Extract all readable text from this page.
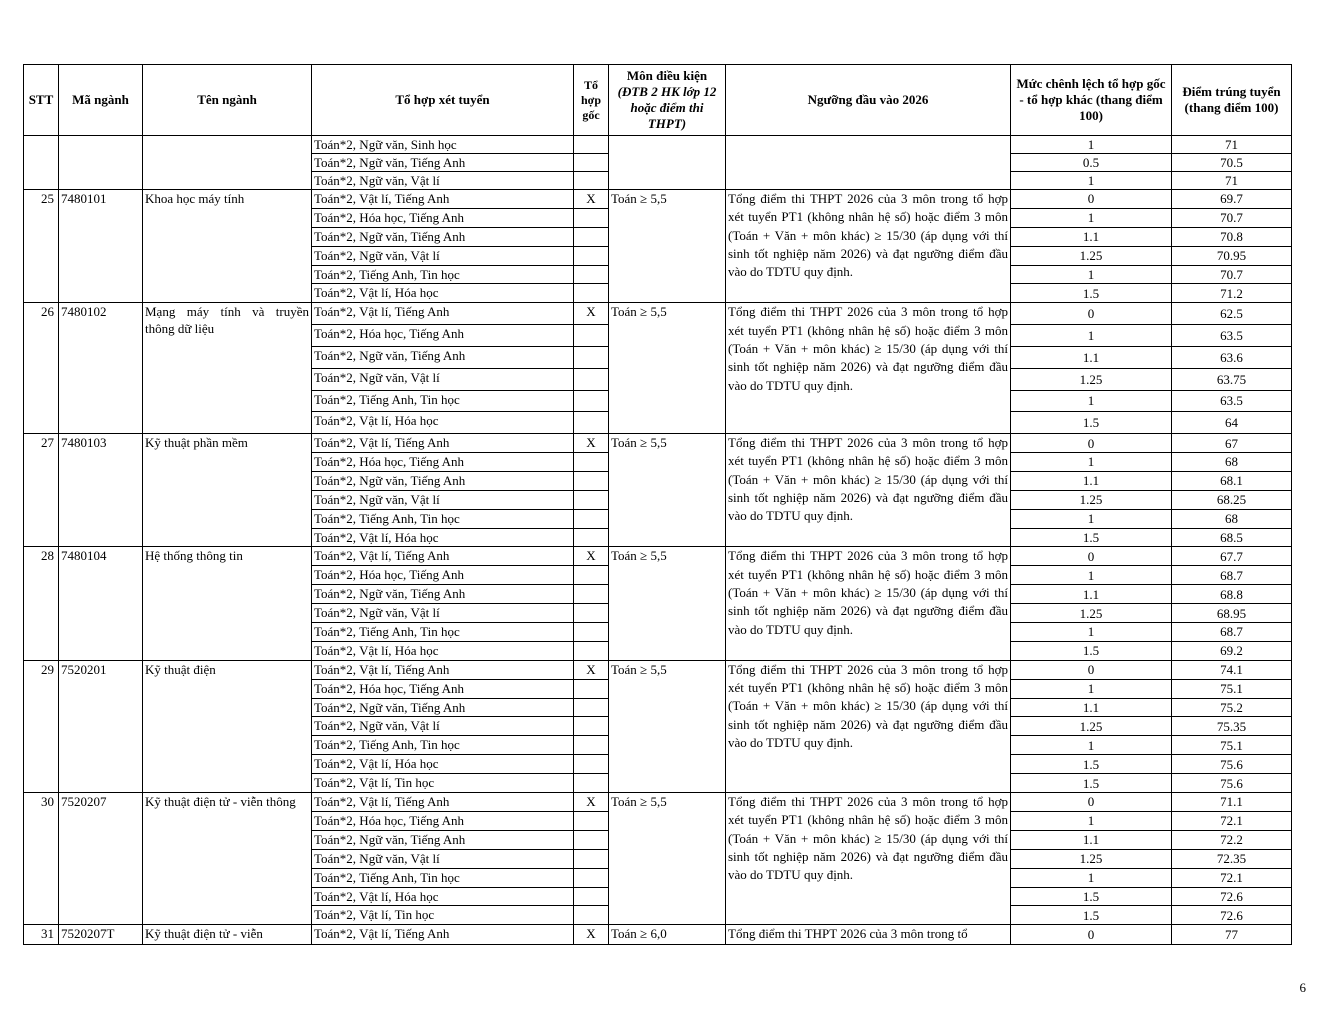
STT	Mã ngành	Tên ngành	Tổ hợp xét tuyển	Tổ hợp gốc	Môn điều kiện
(ĐTB 2 HK lớp 12 hoặc điểm thi THPT)	Ngưỡng đầu vào 2026	Mức chênh lệch tổ hợp gốc - tổ hợp khác (thang điểm 100)	Điểm trúng tuyển (thang điểm 100)
			Toán*2, Ngữ văn, Sinh học				1	71
			Toán*2, Ngữ văn, Tiếng Anh				0.5	70.5
			Toán*2, Ngữ văn, Vật lí				1	71
25	7480101	Khoa học máy tính	Toán*2, Vật lí, Tiếng Anh	X	Toán ≥ 5,5	Tổng điểm thi THPT 2026 của 3 môn trong tổ hợp xét tuyển PT1 (không nhân hệ số) hoặc điểm 3 môn (Toán + Văn + môn khác) ≥ 15/30 (áp dụng với thí sinh tốt nghiệp năm 2026) và đạt ngưỡng điểm đầu vào do TDTU quy định.	0	69.7
			Toán*2, Hóa học, Tiếng Anh				1	70.7
			Toán*2, Ngữ văn, Tiếng Anh				1.1	70.8
			Toán*2, Ngữ văn, Vật lí				1.25	70.95
			Toán*2, Tiếng Anh, Tin học				1	70.7
			Toán*2, Vật lí, Hóa học				1.5	71.2
26	7480102	Mạng máy tính và truyền thông dữ liệu	Toán*2, Vật lí, Tiếng Anh	X	Toán ≥ 5,5	Tổng điểm thi THPT 2026 của 3 môn trong tổ hợp xét tuyển PT1 (không nhân hệ số) hoặc điểm 3 môn (Toán + Văn + môn khác) ≥ 15/30 (áp dụng với thí sinh tốt nghiệp năm 2026) và đạt ngưỡng điểm đầu vào do TDTU quy định.	0	62.5
			Toán*2, Hóa học, Tiếng Anh				1	63.5
			Toán*2, Ngữ văn, Tiếng Anh				1.1	63.6
			Toán*2, Ngữ văn, Vật lí				1.25	63.75
			Toán*2, Tiếng Anh, Tin học				1	63.5
			Toán*2, Vật lí, Hóa học				1.5	64
27	7480103	Kỹ thuật phần mềm	Toán*2, Vật lí, Tiếng Anh	X	Toán ≥ 5,5	Tổng điểm thi THPT 2026 của 3 môn trong tổ hợp xét tuyển PT1 (không nhân hệ số) hoặc điểm 3 môn (Toán + Văn + môn khác) ≥ 15/30 (áp dụng với thí sinh tốt nghiệp năm 2026) và đạt ngưỡng điểm đầu vào do TDTU quy định.	0	67
			Toán*2, Hóa học, Tiếng Anh				1	68
			Toán*2, Ngữ văn, Tiếng Anh				1.1	68.1
			Toán*2, Ngữ văn, Vật lí				1.25	68.25
			Toán*2, Tiếng Anh, Tin học				1	68
			Toán*2, Vật lí, Hóa học				1.5	68.5
28	7480104	Hệ thống thông tin	Toán*2, Vật lí, Tiếng Anh	X	Toán ≥ 5,5	Tổng điểm thi THPT 2026 của 3 môn trong tổ hợp xét tuyển PT1 (không nhân hệ số) hoặc điểm 3 môn (Toán + Văn + môn khác) ≥ 15/30 (áp dụng với thí sinh tốt nghiệp năm 2026) và đạt ngưỡng điểm đầu vào do TDTU quy định.	0	67.7
			Toán*2, Hóa học, Tiếng Anh				1	68.7
			Toán*2, Ngữ văn, Tiếng Anh				1.1	68.8
			Toán*2, Ngữ văn, Vật lí				1.25	68.95
			Toán*2, Tiếng Anh, Tin học				1	68.7
			Toán*2, Vật lí, Hóa học				1.5	69.2
29	7520201	Kỹ thuật điện	Toán*2, Vật lí, Tiếng Anh	X	Toán ≥ 5,5	Tổng điểm thi THPT 2026 của 3 môn trong tổ hợp xét tuyển PT1 (không nhân hệ số) hoặc điểm 3 môn (Toán + Văn + môn khác) ≥ 15/30 (áp dụng với thí sinh tốt nghiệp năm 2026) và đạt ngưỡng điểm đầu vào do TDTU quy định.	0	74.1
			Toán*2, Hóa học, Tiếng Anh				1	75.1
			Toán*2, Ngữ văn, Tiếng Anh				1.1	75.2
			Toán*2, Ngữ văn, Vật lí				1.25	75.35
			Toán*2, Tiếng Anh, Tin học				1	75.1
			Toán*2, Vật lí, Hóa học				1.5	75.6
			Toán*2, Vật lí, Tin học				1.5	75.6
30	7520207	Kỹ thuật điện tử - viễn thông	Toán*2, Vật lí, Tiếng Anh	X	Toán ≥ 5,5	Tổng điểm thi THPT 2026 của 3 môn trong tổ hợp xét tuyển PT1 (không nhân hệ số) hoặc điểm 3 môn (Toán + Văn + môn khác) ≥ 15/30 (áp dụng với thí sinh tốt nghiệp năm 2026) và đạt ngưỡng điểm đầu vào do TDTU quy định.	0	71.1
			Toán*2, Hóa học, Tiếng Anh				1	72.1
			Toán*2, Ngữ văn, Tiếng Anh				1.1	72.2
			Toán*2, Ngữ văn, Vật lí				1.25	72.35
			Toán*2, Tiếng Anh, Tin học				1	72.1
			Toán*2, Vật lí, Hóa học				1.5	72.6
			Toán*2, Vật lí, Tin học				1.5	72.6
31	7520207T	Kỹ thuật điện tử - viễn	Toán*2, Vật lí, Tiếng Anh	X	Toán ≥ 6,0	Tổng điểm thi THPT 2026 của 3 môn trong tổ	0	77
6
